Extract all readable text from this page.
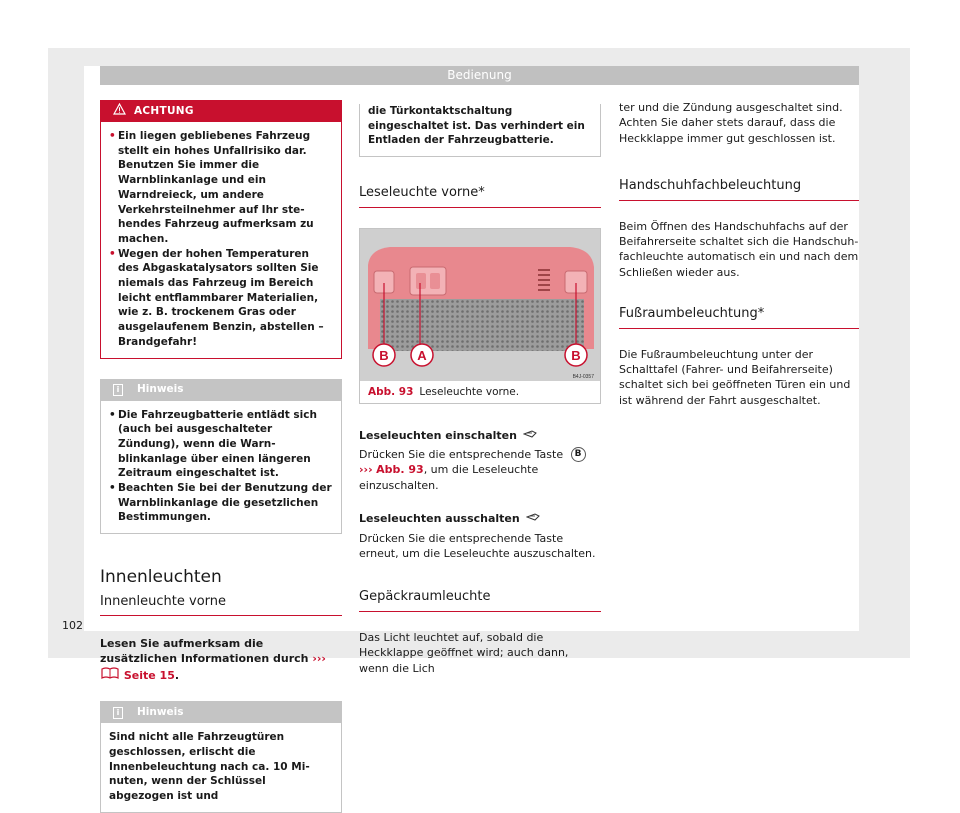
Bedienung
ACHTUNG
• Ein liegen gebliebenes Fahrzeug stellt ein hohes Unfallrisiko dar. Benutzen Sie immer die Warnblinkanlage und ein Warndreieck, um andere Verkehrsteilnehmer auf Ihr stehendes Fahrzeug aufmerksam zu machen.
• Wegen der hohen Temperaturen des Abgaskatalysators sollten Sie niemals das Fahrzeug im Bereich leicht entflammbarer Materialien, wie z. B. trockenem Gras oder ausgelaufenem Benzin, abstellen – Brandgefahr!
i	Hinweis
• Die Fahrzeugbatterie entlädt sich (auch bei ausgeschalteter Zündung), wenn die Warnblinkanlage über einen längeren Zeitraum eingeschaltet ist.
• Beachten Sie bei der Benutzung der Warnblinkanlage die gesetzlichen Bestimmungen.
Innenleuchten
Innenleuchte vorne

Lesen Sie aufmerksam die zusätzlichen Informationen durch ›››  Seite 15.

i	Hinweis

Sind nicht alle Fahrzeugtüren geschlossen, erlischt die Innenbeleuchtung nach ca. 10 Minuten, wenn der Schlüssel abgezogen ist und

die Türkontaktschaltung eingeschaltet ist. Das verhindert ein Entladen der Fahrzeugbatterie.

Leseleuchte vorne*
B A	B
B4J-0357
Abb. 93 Leseleuchte vorne.
Leseleuchten einschalten

Drücken Sie die entsprechende Taste B
››› Abb. 93, um die Leseleuchte einzuschalten.

Leseleuchten ausschalten

Drücken Sie die entsprechende Taste erneut, um die Leseleuchte auszuschalten.

Gepäckraumleuchte

Das Licht leuchtet auf, sobald die Heckklappe geöffnet wird; auch dann, wenn die Lich

ter und die Zündung ausgeschaltet sind. Achten Sie daher stets darauf, dass die Heckklappe immer gut geschlossen ist.

Handschuhfachbeleuchtung

Beim Öffnen des Handschuhfachs auf der Beifahrerseite schaltet sich die Handschuhfachleuchte automatisch ein und nach dem Schließen wieder aus.

Fußraumbeleuchtung*

Die Fußraumbeleuchtung unter der Schalttafel (Fahrer- und Beifahrerseite) schaltet sich bei geöffneten Türen ein und ist während der Fahrt ausgeschaltet.

102
